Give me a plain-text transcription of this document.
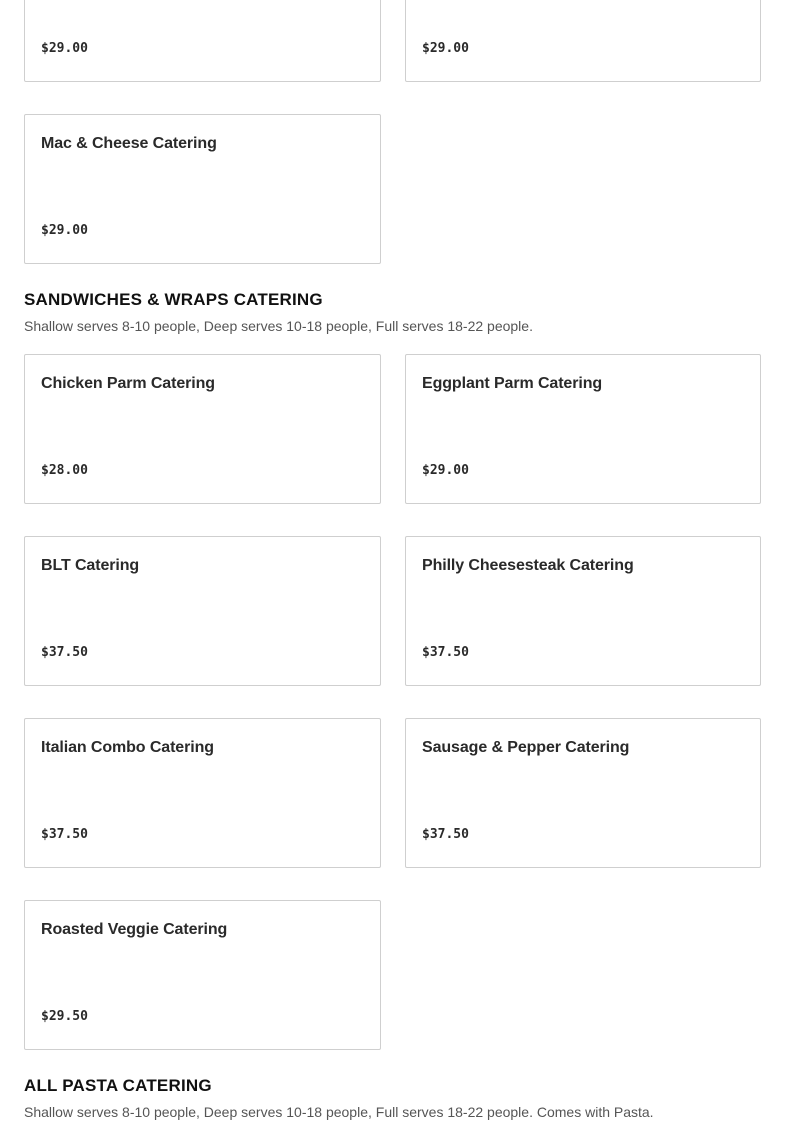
$29.00
$29.00
Mac & Cheese Catering
$29.00
SANDWICHES & WRAPS CATERING

Shallow serves 8-10 people, Deep serves 10-18 people, Full serves 18-22 people.

Chicken Parm Catering
$28.00
Eggplant Parm Catering
$29.00
BLT Catering
$37.50
Philly Cheesesteak Catering
$37.50
Italian Combo Catering
$37.50
Sausage & Pepper Catering
$37.50
Roasted Veggie Catering
$29.50
ALL PASTA CATERING

Shallow serves 8-10 people, Deep serves 10-18 people, Full serves 18-22 people. Comes with Pasta.
